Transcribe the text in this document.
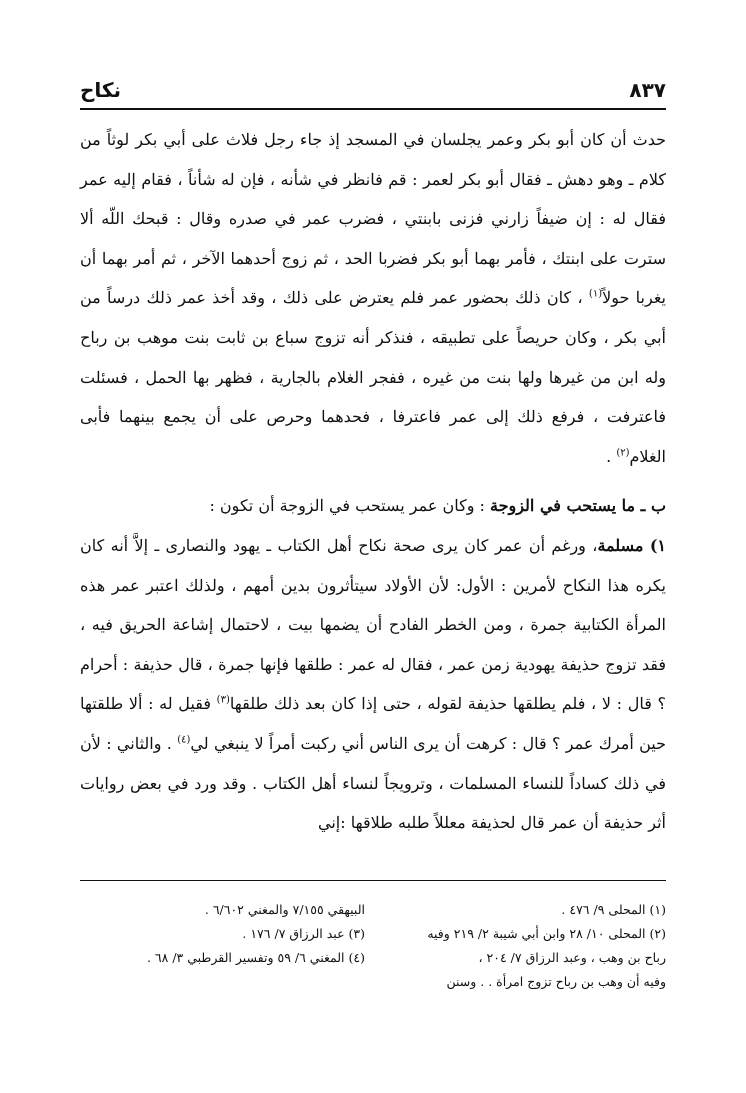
٨٣٧
نكاح

حدث أن كان أبو بكر وعمر يجلسان في المسجد إذ جاء رجل فلاث على أبي بكر لوثاً من كلام ـ وهو دهش ـ فقال أبو بكر لعمر : قم فانظر في شأنه ، فإن له شأناً ، فقام إليه عمر فقال له : إن ضيفاً زارني فزنى بابنتي ، فضرب عمر في صدره وقال : قبحك اللّه ألا سترت على ابنتك ، فأمر بهما أبو بكر فضربا الحد ، ثم زوج أحدهما الآخر ، ثم أمر بهما أن يغربا حولاً$^{(١)}$ ، كان ذلك بحضور عمر فلم يعترض على ذلك ، وقد أخذ عمر ذلك درساً من أبي بكر ، وكان حريصاً على تطبيقه ، فنذكر أنه تزوج سباع بن ثابت بنت موهب بن رباح وله ابن من غيرها ولها بنت من غيره ، ففجر الغلام بالجارية ، فظهر بها الحمل ، فسئلت فاعترفت ، فرفع ذلك إلى عمر فاعترفا ، فحدهما وحرص على أن يجمع بينهما فأبى الغلام$^{(٢)}$ .

ب ـ ما يستحب في الزوجة : وكان عمر يستحب في الزوجة أن تكون :

١) مسلمة، ورغم أن عمر كان يرى صحة نكاح أهل الكتاب ـ يهود والنصارى ـ إلاَّ أنه كان يكره هذا النكاح لأمرين : الأول: لأن الأولاد سيتأثرون بدين أمهم ، ولذلك اعتبر عمر هذه المرأة الكتابية جمرة ، ومن الخطر الفادح أن يضمها بيت ، لاحتمال إشاعة الحريق فيه ، فقد تزوج حذيفة يهودية زمن عمر ، فقال له عمر : طلقها فإنها جمرة ، قال حذيفة : أحرام ؟ قال : لا ، فلم يطلقها حذيفة لقوله ، حتى إذا كان بعد ذلك طلقها$^{(٣)}$ فقيل له : ألا طلقتها حين أمرك عمر ؟ قال : كرهت أن يرى الناس أني ركبت أمراً لا ينبغي لي$^{(٤)}$ . والثاني : لأن في ذلك كساداً للنساء المسلمات ، وترويجاً لنساء أهل الكتاب . وقد ورد في بعض روايات أثر حذيفة أن عمر قال لحذيفة معللاً طلبه طلاقها :إني

(١) المحلى ٩/ ٤٧٦ .
(٢) المحلى ١٠/ ٢٨ وابن أبي شيبة ٢/ ٢١٩ وفيه
رباح بن وهب ، وعبد الرزاق ٧/ ٢٠٤ ،
وفيه أن وهب بن رباح تزوج امرأة . . وسنن
البيهقي ٧/١٥٥ والمغني ٦/٦٠٢ .
(٣) عبد الرزاق ٧/ ١٧٦ .
(٤) المغني ٦/ ٥٩ وتفسير القرطبي ٣/ ٦٨ .
